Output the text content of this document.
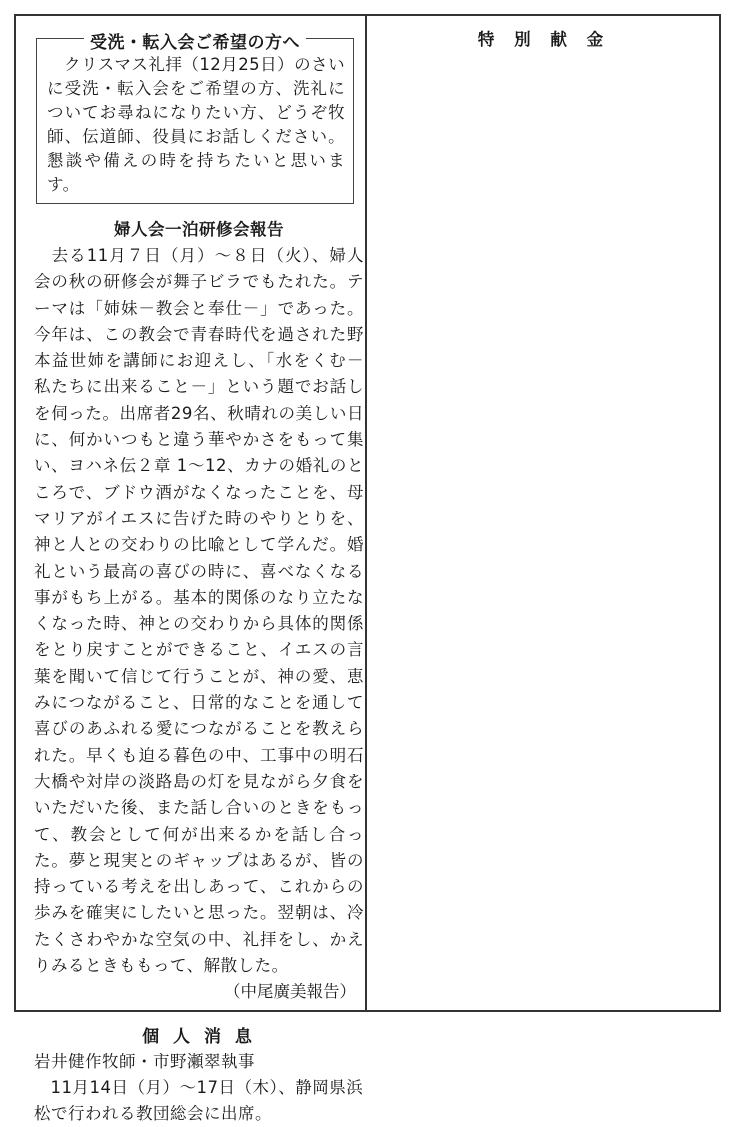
受洗・転入会ご希望の方へ
　クリスマス礼拝（12月25日）のさいに受洗・転入会をご希望の方、洗礼についてお尋ねになりたい方、どうぞ牧師、伝道師、役員にお話しください。懇談や備えの時を持ちたいと思います。
婦人会一泊研修会報告
　去る11月７日（月）〜８日（火）、婦人会の秋の研修会が舞子ビラでもたれた。テーマは「姉妹－教会と奉仕－」であった。今年は、この教会で青春時代を過された野本益世姉を講師にお迎えし、「水をくむ－私たちに出来ること－」という題でお話しを伺った。出席者29名、秋晴れの美しい日に、何かいつもと違う華やかさをもって集い、ヨハネ伝２章 1〜12、カナの婚礼のところで、ブドウ酒がなくなったことを、母マリアがイエスに告げた時のやりとりを、神と人との交わりの比喩として学んだ。婚礼という最高の喜びの時に、喜べなくなる事がもち上がる。基本的関係のなり立たなくなった時、神との交わりから具体的関係をとり戻すことができること、イエスの言葉を聞いて信じて行うことが、神の愛、恵みにつながること、日常的なことを通して喜びのあふれる愛につながることを教えられた。早くも迫る暮色の中、工事中の明石大橋や対岸の淡路島の灯を見ながら夕食をいただいた後、また話し合いのときをもって、教会として何が出来るかを話し合った。夢と現実とのギャップはあるが、皆の持っている考えを出しあって、これからの歩みを確実にしたいと思った。翌朝は、冷たくさわやかな空気の中、礼拝をし、かえりみるときももって、解散した。
（中尾廣美報告）
個 人 消 息
岩井健作牧師・市野瀬翠執事
11月14日（月）〜17日（木）、静岡県浜松で行われる教団総会に出席。
特 別 献 金
